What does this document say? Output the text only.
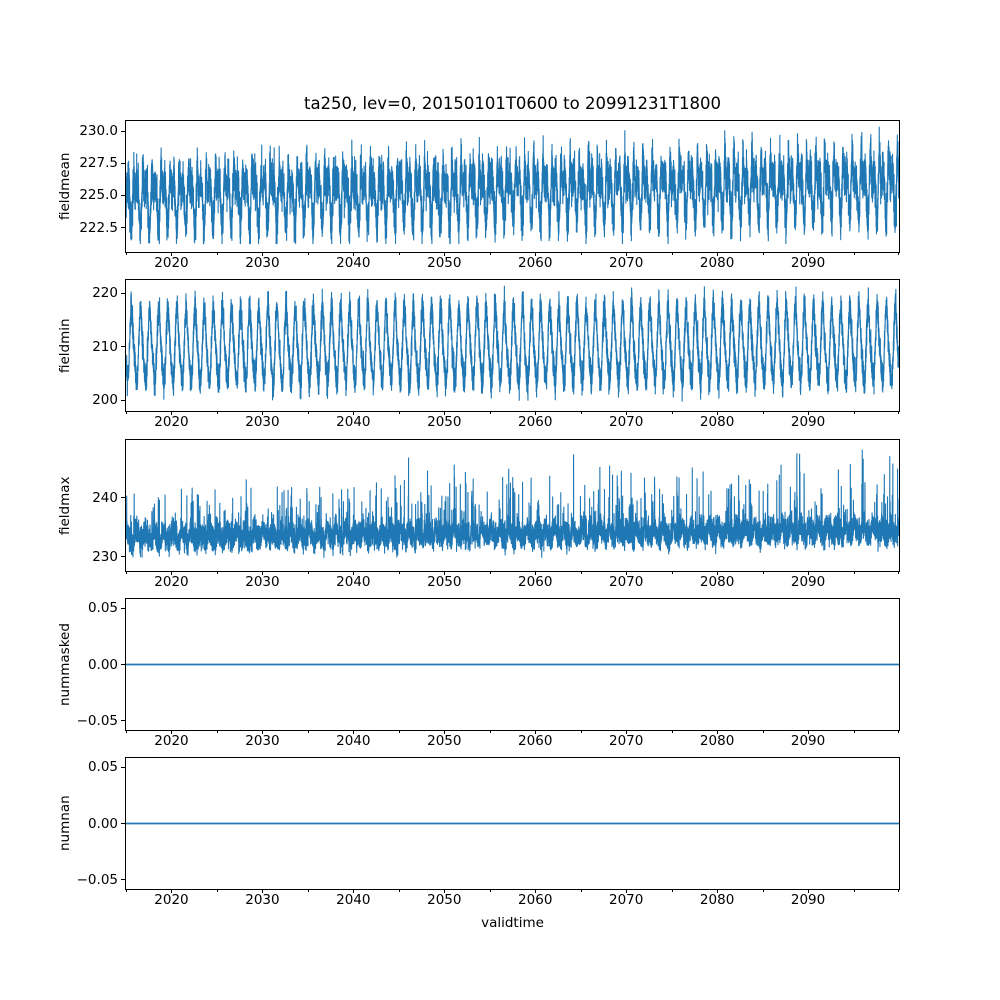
ta250, lev=0, 20150101T0600 to 20991231T1800
fieldmean
2020	2030	2040	2050	2060	2070	2080	2090
222.5
225.0
227.5
230.0
fieldmin
2020	2030	2040	2050	2060	2070	2080	2090
200
210
220
fieldmax
2020	2030	2040	2050	2060	2070	2080	2090
230
240
nummasked
2020	2030	2040	2050	2060	2070	2080	2090
−0.05
0.00
0.05
numnan
2020	2030	2040	2050	2060	2070	2080	2090
−0.05
0.00
0.05
validtime
